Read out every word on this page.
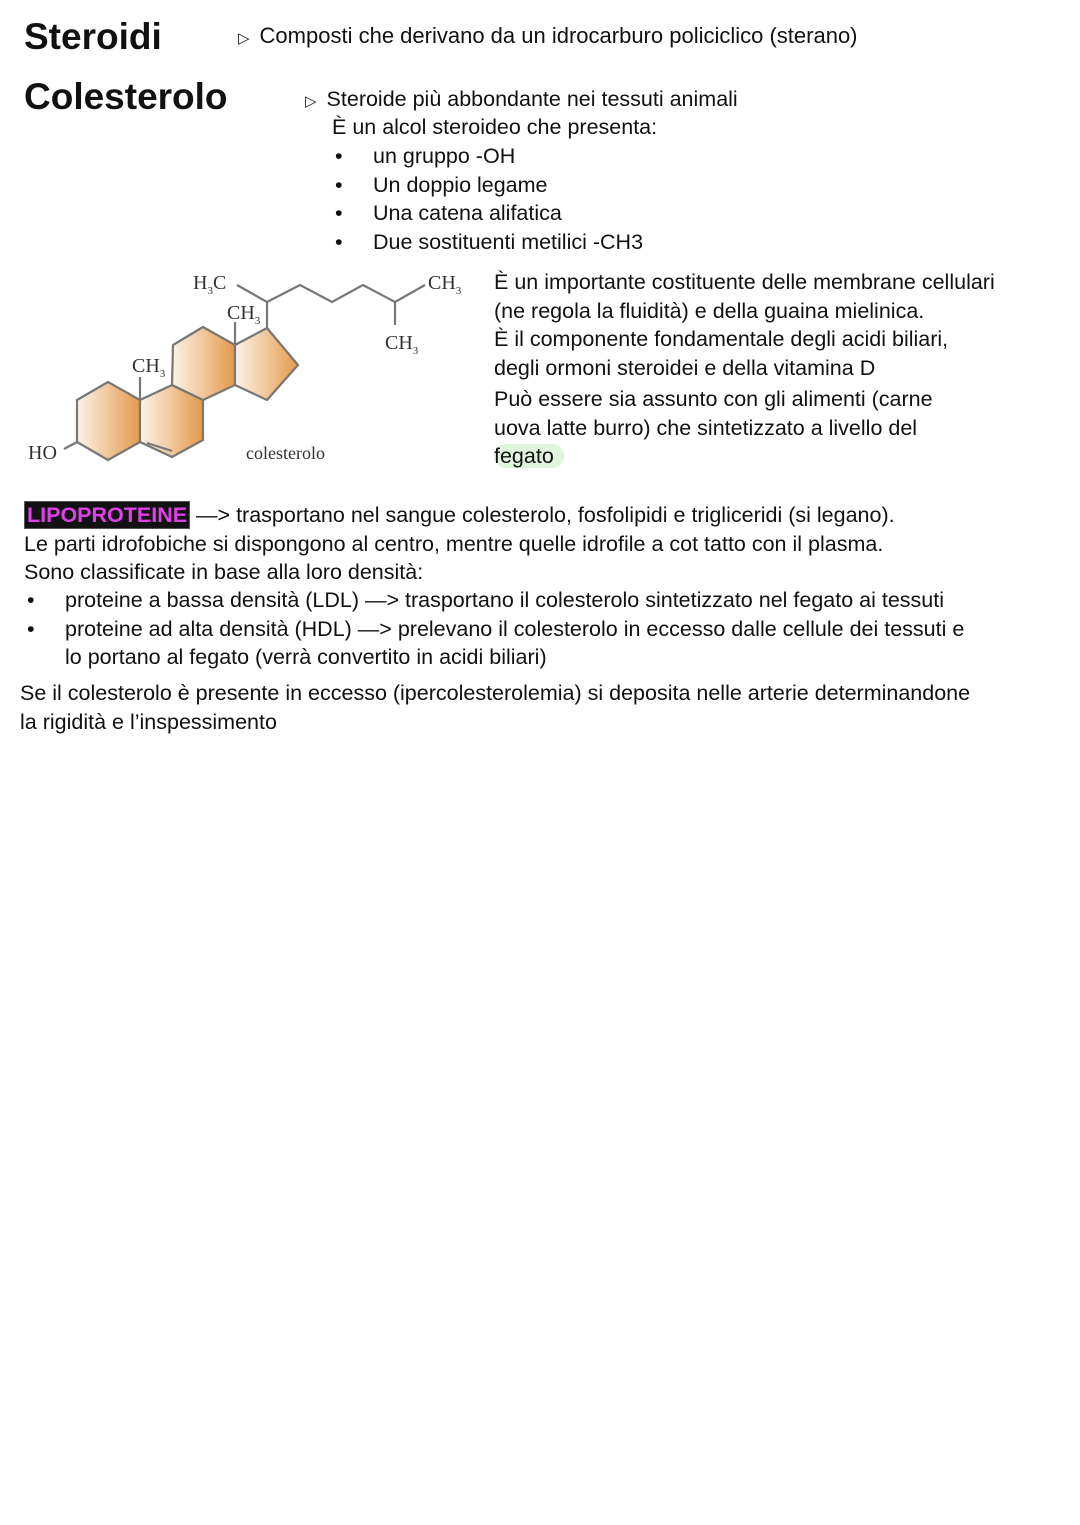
Steroidi	▷ Composti che derivano da un idrocarburo policiclico (sterano)
Colesterolo	▷ Steroide più abbondante nei tessuti animali
È un alcol steroideo che presenta:
• un gruppo -OH
• Un doppio legame
• Una catena alifatica
• Due sostituenti metilici -CH3
HO
$CH_3$
$CH_3$
$H_3C$	$CH_3$
$CH_3$
colesterolo
È un importante costituente delle membrane cellulari
(ne regola la fluidità) e della guaina mielinica.
È il componente fondamentale degli acidi biliari,
degli ormoni steroidei e della vitamina D
Può essere sia assunto con gli alimenti (carne
uova latte burro) che sintetizzato a livello del
fegato
LIPOPROTEINE —> trasportano nel sangue colesterolo, fosfolipidi e trigliceridi (si legano).
Le parti idrofobiche si dispongono al centro, mentre quelle idrofile a cot tatto con il plasma.
Sono classificate in base alla loro densità:
• proteine a bassa densità (LDL) —> trasportano il colesterolo sintetizzato nel fegato ai tessuti
• proteine ad alta densità (HDL) —> prelevano il colesterolo in eccesso dalle cellule dei tessuti e
lo portano al fegato (verrà convertito in acidi biliari)
Se il colesterolo è presente in eccesso (ipercolesterolemia) si deposita nelle arterie determinandone
la rigidità e l’inspessimento
